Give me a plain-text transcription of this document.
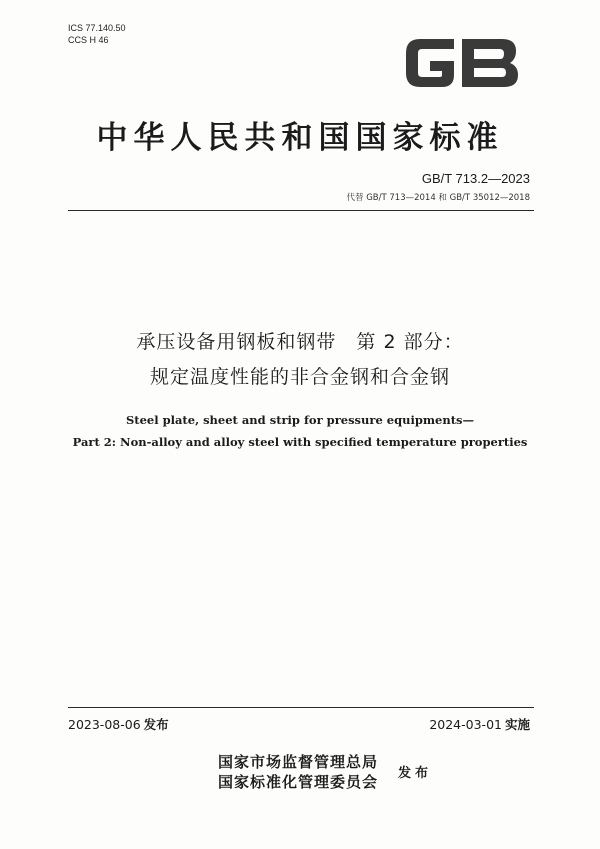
ICS 77.140.50
CCS H 46
中华人民共和国国家标准
GB/T 713.2—2023
代替 GB/T 713—2014 和 GB/T 35012—2018
承压设备用钢板和钢带　第 2 部分：
规定温度性能的非合金钢和合金钢
Steel plate, sheet and strip for pressure equipments—
Part 2: Non-alloy and alloy steel with specified temperature properties
2023-08-06 发布	2024-03-01 实施
国家市场监督管理总局
国家标准化管理委员会 发布
